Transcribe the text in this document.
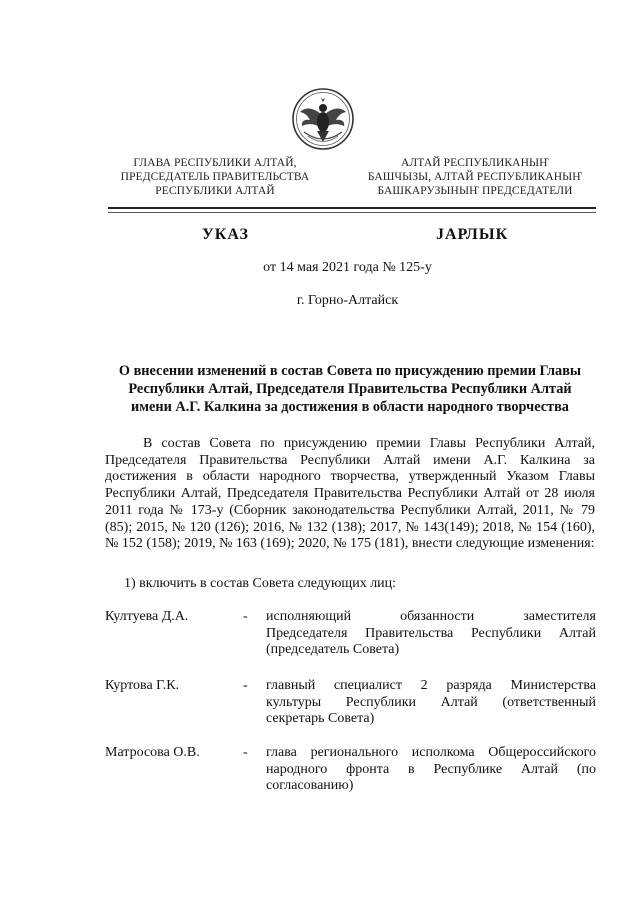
ГЛАВА РЕСПУБЛИКИ АЛТАЙ,
ПРЕДСЕДАТЕЛЬ ПРАВИТЕЛЬСТВА
РЕСПУБЛИКИ АЛТАЙ
АЛТАЙ РЕСПУБЛИКАНЫҤ
БАШЧЫЗЫ, АЛТАЙ РЕСПУБЛИКАНЫҤ
БАШКАРУЗЫНЫҤ ПРЕДСЕДАТЕЛИ
УКАЗ	JАРЛЫК
от 14 мая 2021 года № 125-у
г. Горно-Алтайск
О внесении изменений в состав Совета по присуждению премии Главы
Республики Алтай, Председателя Правительства Республики Алтай
имени А.Г. Калкина за достижения в области народного творчества
В состав Совета по присуждению премии Главы Республики Алтай, Председателя Правительства Республики Алтай имени А.Г. Калкина за достижения в области народного творчества, утвержденный Указом Главы Республики Алтай, Председателя Правительства Республики Алтай от 28 июля 2011 года № 173-у (Сборник законодательства Республики Алтай, 2011, № 79 (85); 2015, № 120 (126); 2016, № 132 (138); 2017, № 143(149); 2018, № 154 (160), № 152 (158); 2019, № 163 (169); 2020, № 175 (181), внести следующие изменения:
1) включить в состав Совета следующих лиц:
Култуева Д.А.	- исполняющий обязанности заместителя
Председателя Правительства Республики Алтай
(председатель Совета)
Куртова Г.К.	- главный специалист 2 разряда Министерства
культуры Республики Алтай (ответственный
секретарь Совета)
Матросова О.В.	- глава регионального исполкома Общероссийского
народного фронта в Республике Алтай (по
согласованию)
